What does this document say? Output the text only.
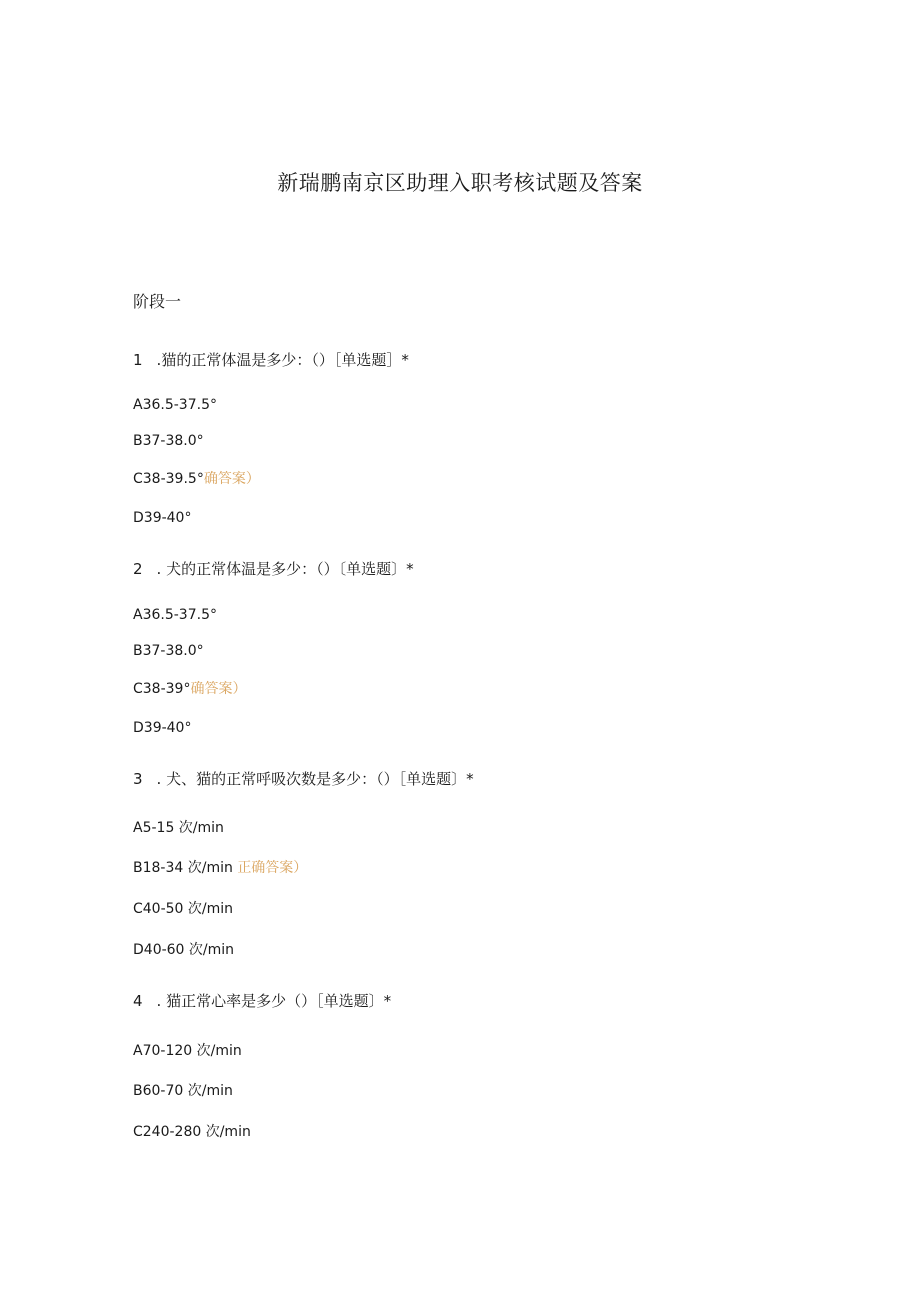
新瑞鹏南京区助理入职考核试题及答案
阶段一
1 .猫的正常体温是多少：（）［单选题］*
A36.5-37.5°
B37-38.0°
C38-39.5°确答案）
D39-40°
2 . 犬的正常体温是多少：（）〔单选题〕*
A36.5-37.5°
B37-38.0°
C38-39°确答案）
D39-40°
3 . 犬、猫的正常呼吸次数是多少：（）［单选题〕*
A5-15 次/min
B18-34 次/min 正确答案）
C40-50 次/min
D40-60 次/min
4 . 猫正常心率是多少（）［单选题〕*
A70-120 次/min
B60-70 次/min
C240-280 次/min
